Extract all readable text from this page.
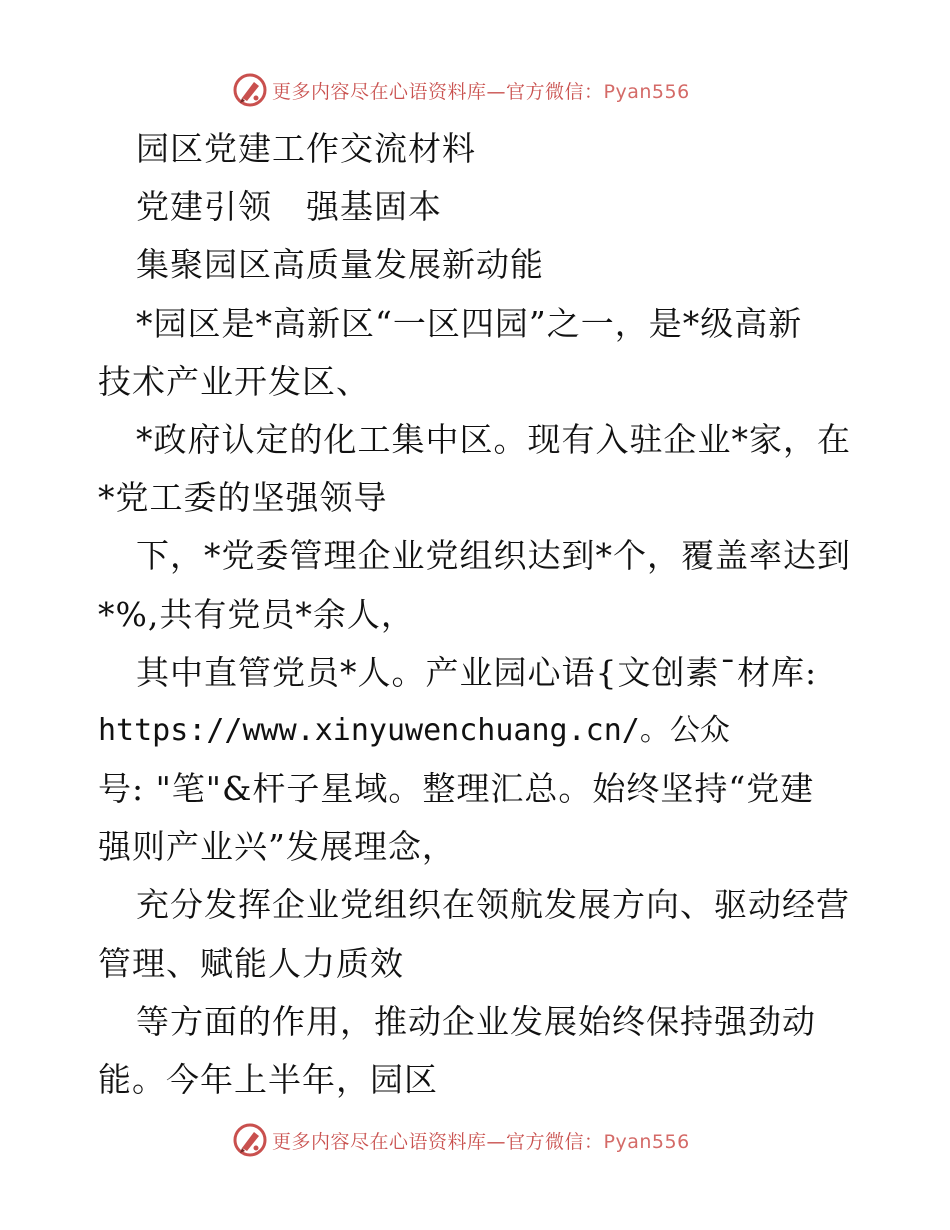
更多内容尽在心语资料库—官方微信：Pyan556
园区党建工作交流材料
党建引领　强基固本
集聚园区高质量发展新动能
*园区是*高新区“一区四园”之一，是*级高新
技术产业开发区、
*政府认定的化工集中区。现有入驻企业*家，在
*党工委的坚强领导
下，*党委管理企业党组织达到*个，覆盖率达到
*%,共有党员*余人，
其中直管党员*人。产业园心语{文创素¯材库:
https://www.xinyuwenchuang.cn/。公众
号: "笔"&杆子星域。整理汇总。始终坚持“党建
强则产业兴”发展理念，
充分发挥企业党组织在领航发展方向、驱动经营
管理、赋能人力质效
等方面的作用，推动企业发展始终保持强劲动
能。今年上半年，园区
更多内容尽在心语资料库—官方微信：Pyan556
